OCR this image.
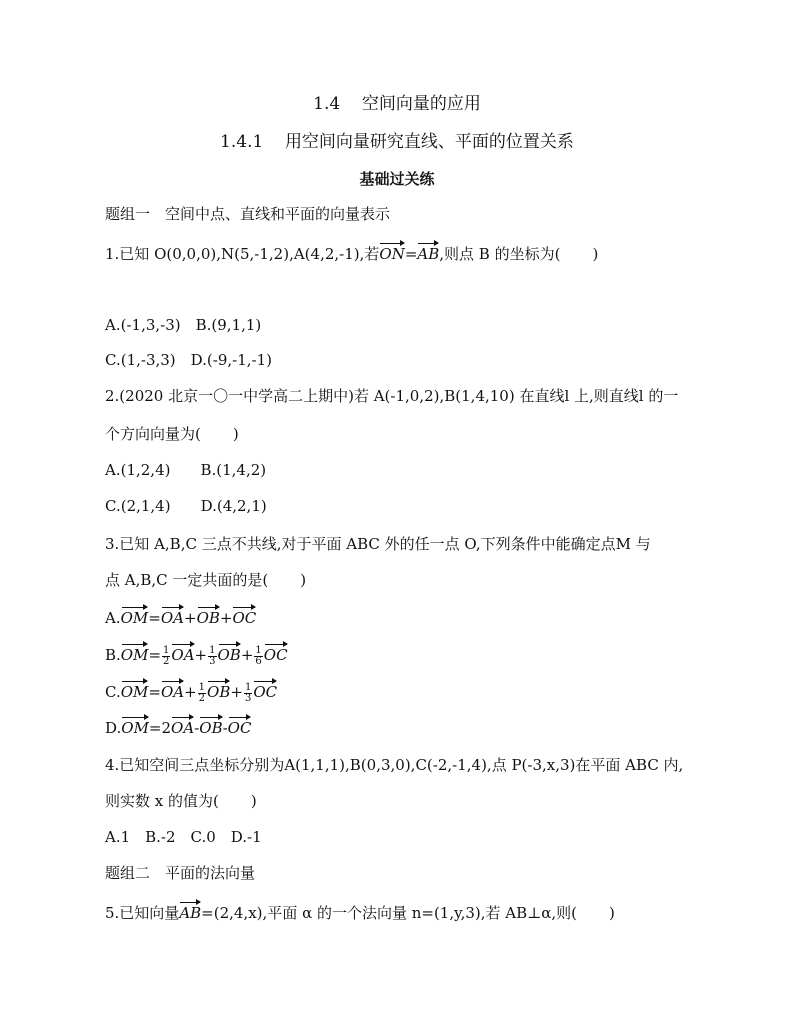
1.4 空间向量的应用
1.4.1 用空间向量研究直线、平面的位置关系
基础过关练
题组一　空间中点、直线和平面的向量表示
1.已知 O(0,0,0),N(5,-1,2),A(4,2,-1),若ON=AB,则点 B 的坐标为( )
A.(-1,3,-3)　B.(9,1,1)
C.(1,-3,3)　D.(-9,-1,-1)
2.(2020 北京一〇一中学高二上期中)若 A(-1,0,2),B(1,4,10) 在直线l 上,则直线l 的一
个方向向量为( )
A.(1,2,4)　　B.(1,4,2)
C.(2,1,4)　　D.(4,2,1)
3.已知 A,B,C 三点不共线,对于平面 ABC 外的任一点 O,下列条件中能确定点M 与
点 A,B,C 一定共面的是( )
A.OM=OA+OB+OC
$B.OM= \frac{1}{2} OA+ \frac{1}{3} OB+ \frac{1}{6}$ OC
$C.OM=OA+ \frac{1}{2} OB+ \frac{1}{3}$ OC
D.OM=2OA-OB-OC
4.已知空间三点坐标分别为A(1,1,1),B(0,3,0),C(-2,-1,4),点 P(-3,x,3)在平面 ABC 内,
则实数 x 的值为( )
A.1　B.-2　C.0　D.-1
题组二　平面的法向量
5.已知向量AB=(2,4,x),平面 α 的一个法向量 n=(1,y,3),若 AB⊥α,则( )
